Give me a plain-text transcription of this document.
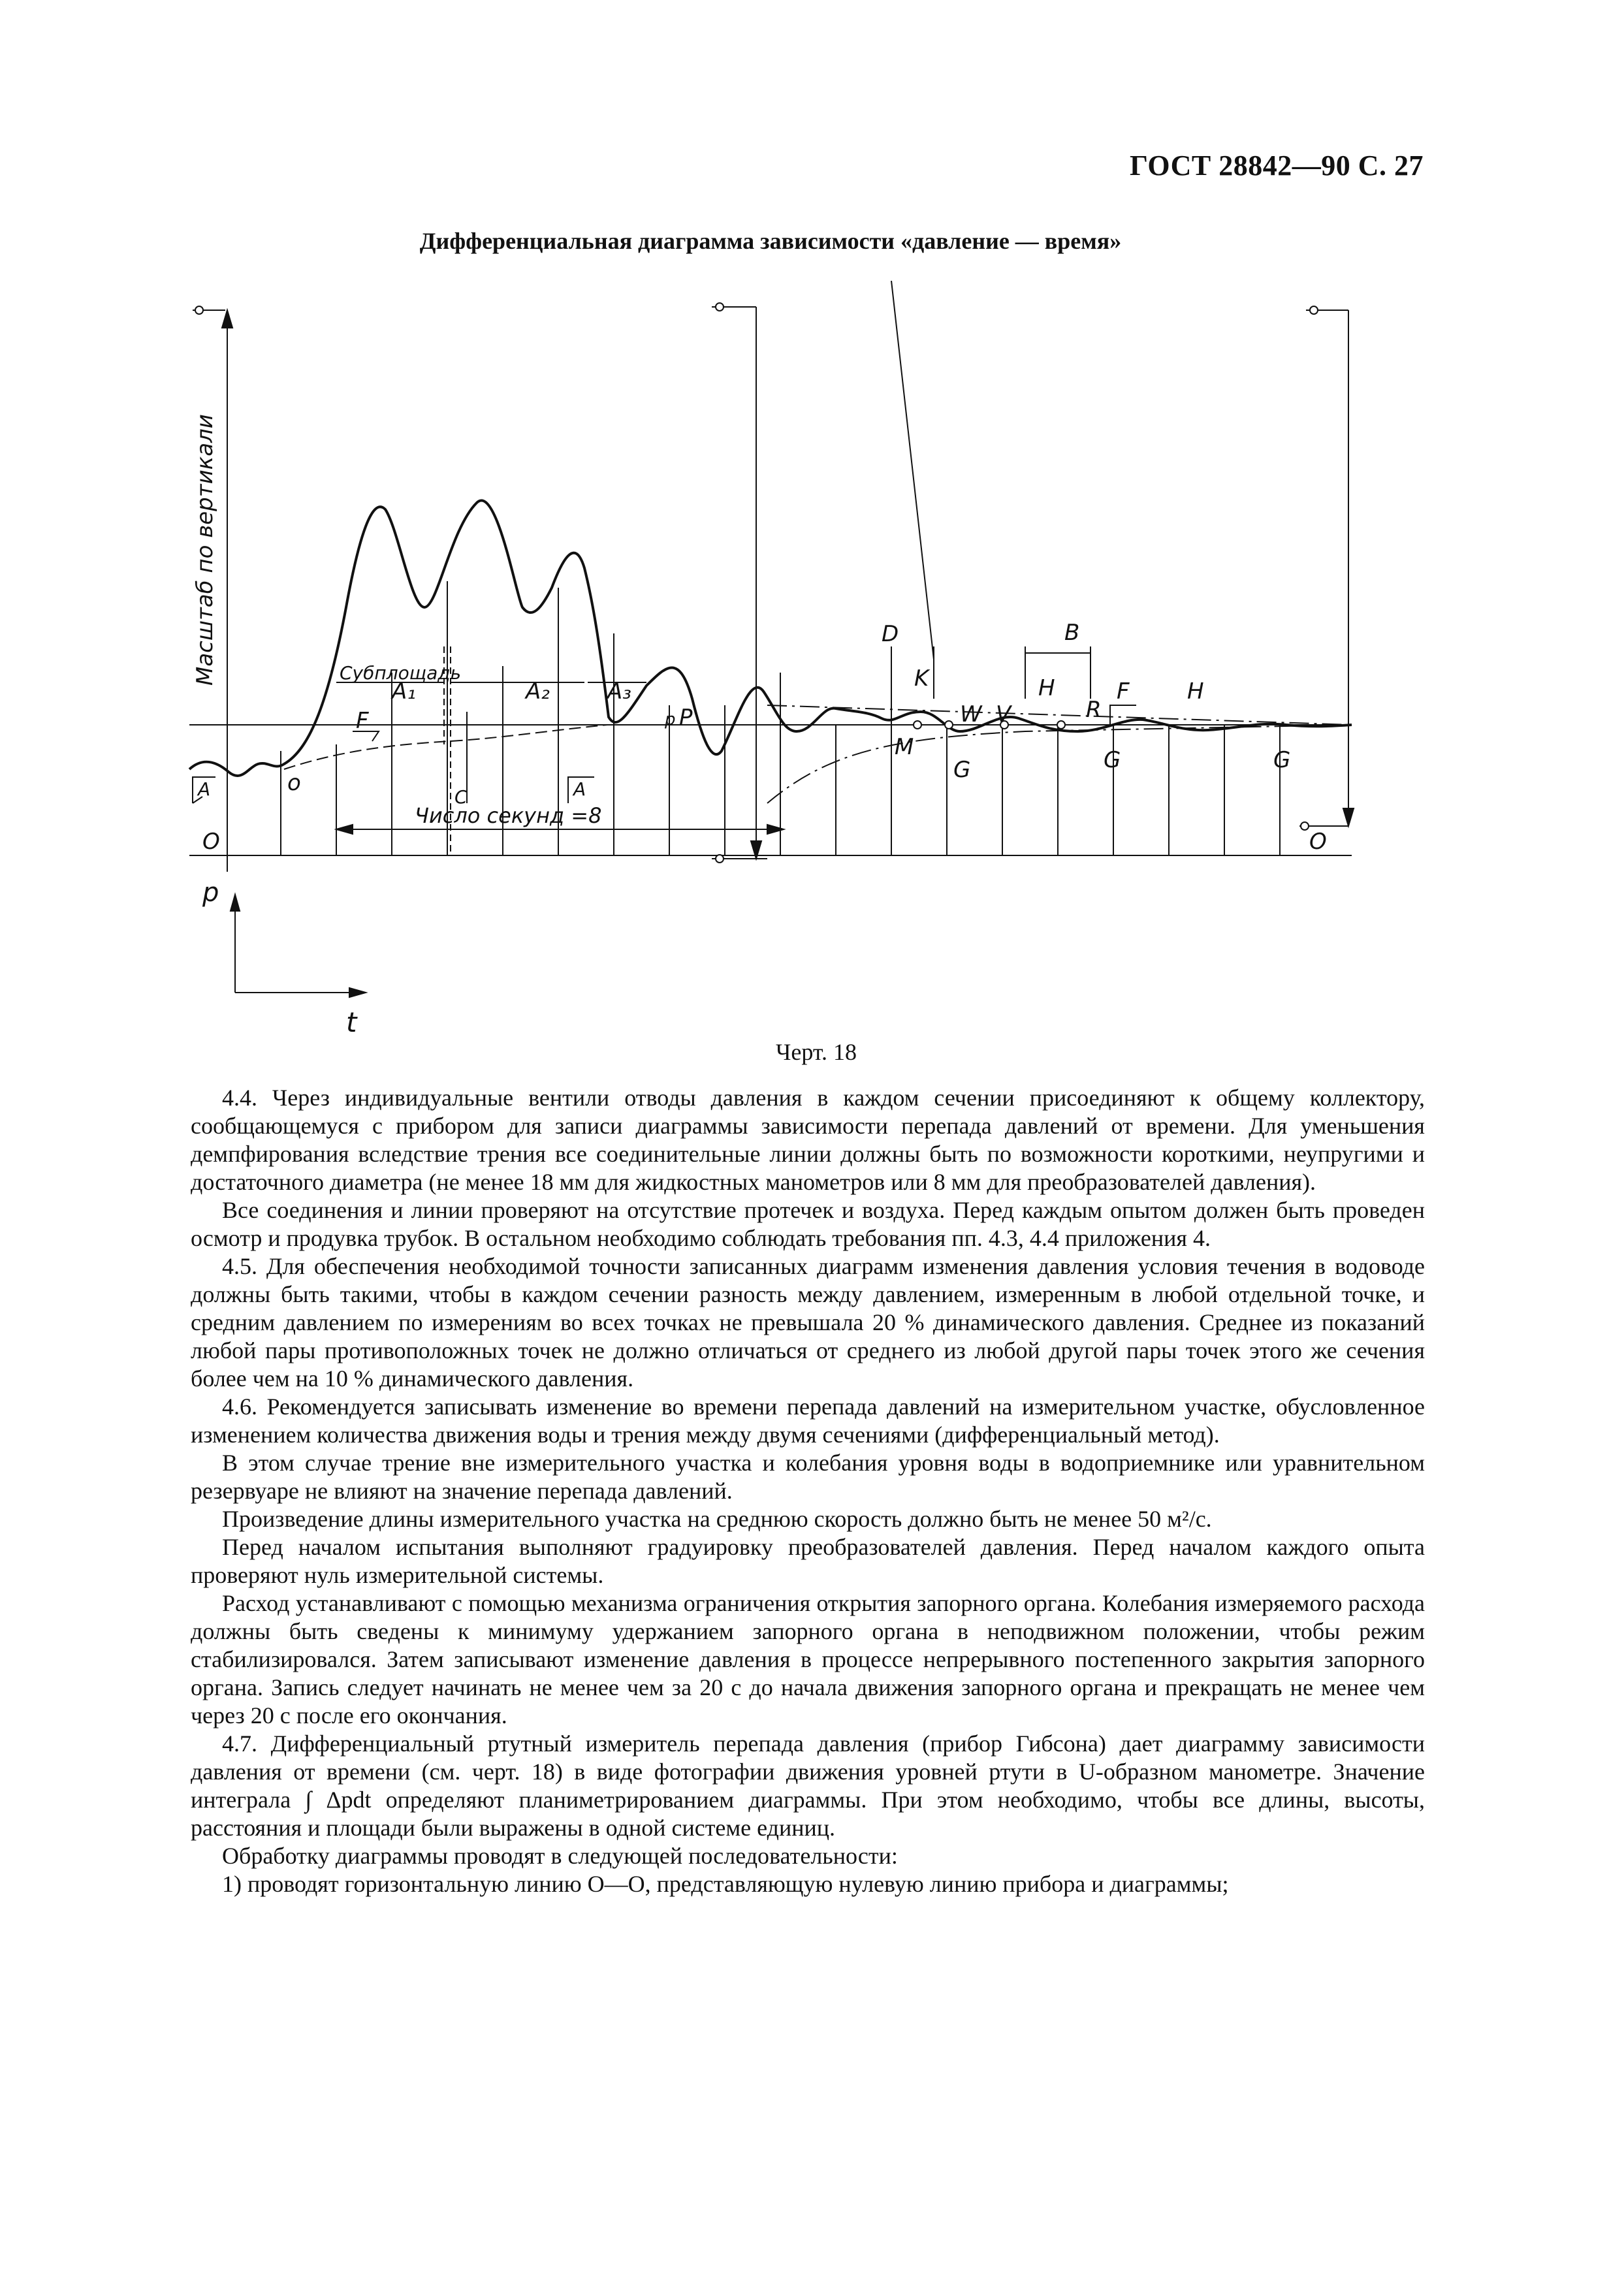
ГОСТ 28842—90 С. 27
Дифференциальная диаграмма зависимости «давление — время»
Масштаб по вертикали	Субплощадь
A₁	A₂	A₃
Число секунд =8
A	A
F
F
C
O	O
o
P
р
D	B
K	H	H
W V	R
M
G	G	G
р
t
Черт. 18

4.4. Через индивидуальные вентили отводы давления в каждом сечении присоединяют к общему коллектору, сообщающемуся с прибором для записи диаграммы зависимости перепада давлений от времени. Для уменьшения демпфирования вследствие трения все соединительные линии должны быть по возможности короткими, неупругими и достаточного диаметра (не менее 18 мм для жидкостных манометров или 8 мм для преобразователей давления).

Все соединения и линии проверяют на отсутствие протечек и воздуха. Перед каждым опытом должен быть проведен осмотр и продувка трубок. В остальном необходимо соблюдать требования пп. 4.3, 4.4 приложения 4.

4.5. Для обеспечения необходимой точности записанных диаграмм изменения давления условия течения в водоводе должны быть такими, чтобы в каждом сечении разность между давлением, измеренным в любой отдельной точке, и средним давлением по измерениям во всех точках не превышала 20 % динамического давления. Среднее из показаний любой пары противоположных точек не должно отличаться от среднего из любой другой пары точек этого же сечения более чем на 10 % динамического давления.

4.6. Рекомендуется записывать изменение во времени перепада давлений на измерительном участке, обусловленное изменением количества движения воды и трения между двумя сечениями (дифференциальный метод).

В этом случае трение вне измерительного участка и колебания уровня воды в водоприемнике или уравнительном резервуаре не влияют на значение перепада давлений.

Произведение длины измерительного участка на среднюю скорость должно быть не менее 50 м²/с.

Перед началом испытания выполняют градуировку преобразователей давления. Перед началом каждого опыта проверяют нуль измерительной системы.

Расход устанавливают с помощью механизма ограничения открытия запорного органа. Колебания измеряемого расхода должны быть сведены к минимуму удержанием запорного органа в неподвижном положении, чтобы режим стабилизировался. Затем записывают изменение давления в процессе непрерывного постепенного закрытия запорного органа. Запись следует начинать не менее чем за 20 с до начала движения запорного органа и прекращать не менее чем через 20 с после его окончания.

4.7. Дифференциальный ртутный измеритель перепада давления (прибор Гибсона) дает диаграмму зависимости давления от времени (см. черт. 18) в виде фотографии движения уровней ртути в U-образном манометре. Значение интеграла ∫ Δpdt определяют планиметрированием диаграммы. При этом необходимо, чтобы все длины, высоты, расстояния и площади были выражены в одной системе единиц.

Обработку диаграммы проводят в следующей последовательности:

1) проводят горизонтальную линию O—O, представляющую нулевую линию прибора и диаграммы;
